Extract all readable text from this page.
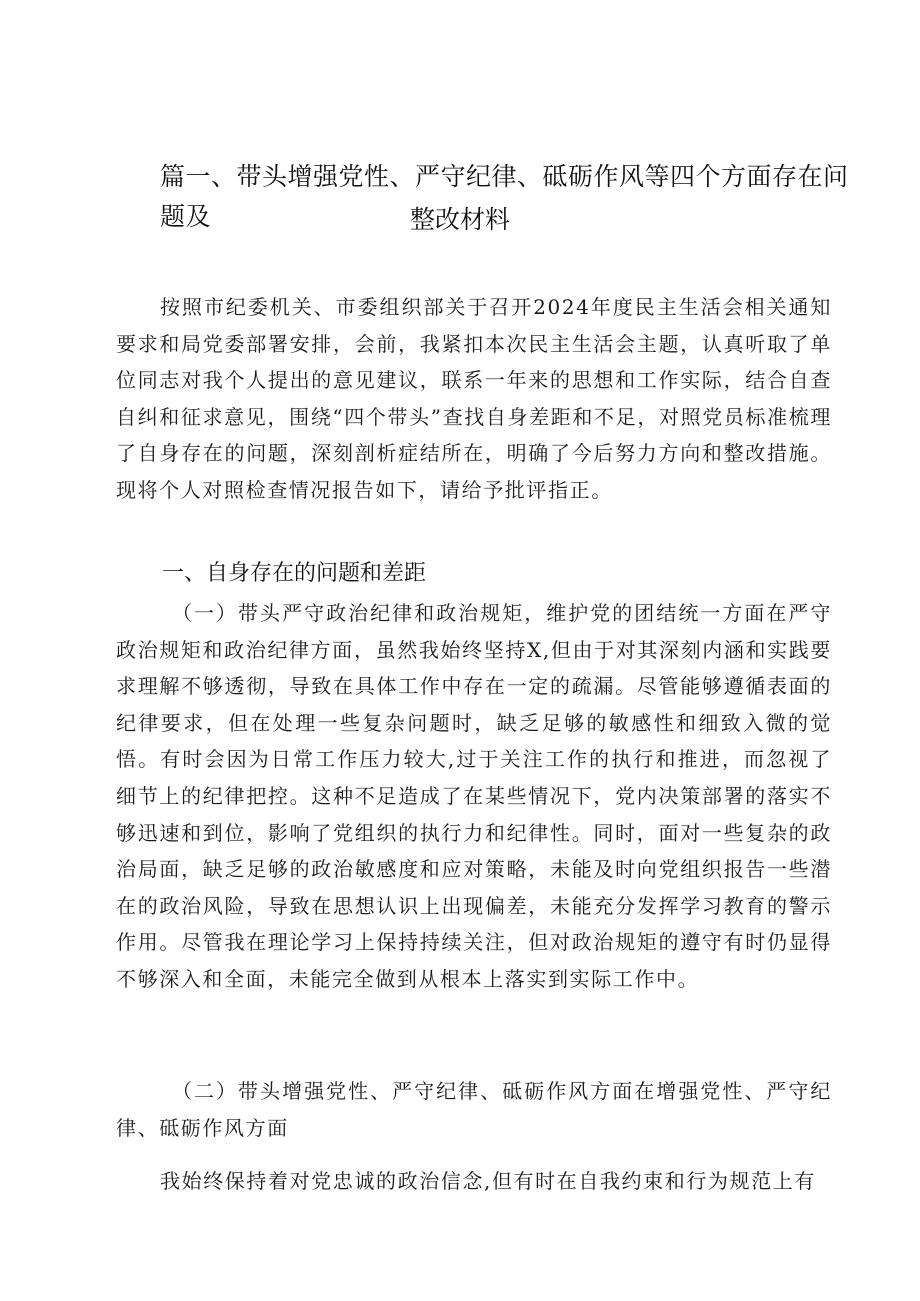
篇一、带头增强党性、严守纪律、砥砺作风等四个方面存在问题及	整改材料
按照市纪委机关、市委组织部关于召开2024年度民主生活会相关通知要求和局党委部署安排，会前，我紧扣本次民主生活会主题，认真听取了单位同志对我个人提出的意见建议，联系一年来的思想和工作实际，结合自查自纠和征求意见，围绕“四个带头”查找自身差距和不足，对照党员标准梳理了自身存在的问题，深刻剖析症结所在，明确了今后努力方向和整改措施。现将个人对照检查情况报告如下，请给予批评指正。
一、自身存在的问题和差距
（一）带头严守政治纪律和政治规矩，维护党的团结统一方面在严守政治规矩和政治纪律方面，虽然我始终坚持X,但由于对其深刻内涵和实践要求理解不够透彻，导致在具体工作中存在一定的疏漏。尽管能够遵循表面的纪律要求，但在处理一些复杂问题时，缺乏足够的敏感性和细致入微的觉悟。有时会因为日常工作压力较大,过于关注工作的执行和推进，而忽视了细节上的纪律把控。这种不足造成了在某些情况下，党内决策部署的落实不够迅速和到位，影响了党组织的执行力和纪律性。同时，面对一些复杂的政治局面，缺乏足够的政治敏感度和应对策略，未能及时向党组织报告一些潜在的政治风险，导致在思想认识上出现偏差，未能充分发挥学习教育的警示作用。尽管我在理论学习上保持持续关注，但对政治规矩的遵守有时仍显得不够深入和全面，未能完全做到从根本上落实到实际工作中。
（二）带头增强党性、严守纪律、砥砺作风方面在增强党性、严守纪律、砥砺作风方面
我始终保持着对党忠诚的政治信念,但有时在自我约束和行为规范上有
